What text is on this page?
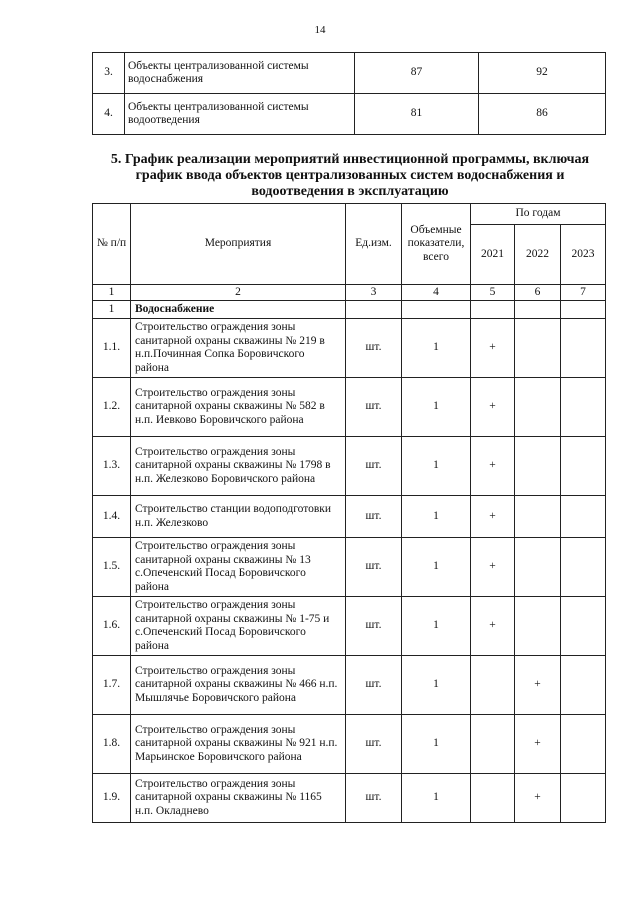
14
3.	Объекты централизованной системы водоснабжения	87	92
4.	Объекты централизованной системы водоотведения	81	86
5. График реализации мероприятий инвестиционной программы, включая график ввода объектов централизованных систем водоснабжения и водоотведения в эксплуатацию
№ п/п	Мероприятия	Ед.изм.	Объемные показатели, всего	По годам		
				2021	2022	2023
1	2	3	4	5	6	7
1	Водоснабжение					
1.1.	Строительство ограждения зоны санитарной охраны скважины № 219 в н.п.Починная Сопка Боровичского района	шт.	1	+		
1.2.	Строительство ограждения зоны санитарной охраны скважины № 582 в н.п. Иевково Боровичского района	шт.	1	+		
1.3.	Строительство ограждения зоны санитарной охраны скважины № 1798 в н.п. Железково Боровичского района	шт.	1	+		
1.4.	Строительство станции водоподготовки н.п. Железково	шт.	1	+		
1.5.	Строительство ограждения зоны санитарной охраны скважины № 13 с.Опеченский Посад Боровичского района	шт.	1	+		
1.6.	Строительство ограждения зоны санитарной охраны скважины № 1-75 и с.Опеченский Посад Боровичского района	шт.	1	+		
1.7.	Строительство ограждения зоны санитарной охраны скважины № 466 н.п. Мышлячье Боровичского района	шт.	1		+	
1.8.	Строительство ограждения зоны санитарной охраны скважины № 921 н.п. Марьинское Боровичского района	шт.	1		+	
1.9.	Строительство ограждения зоны санитарной охраны скважины № 1165 н.п. Окладнево	шт.	1		+	
